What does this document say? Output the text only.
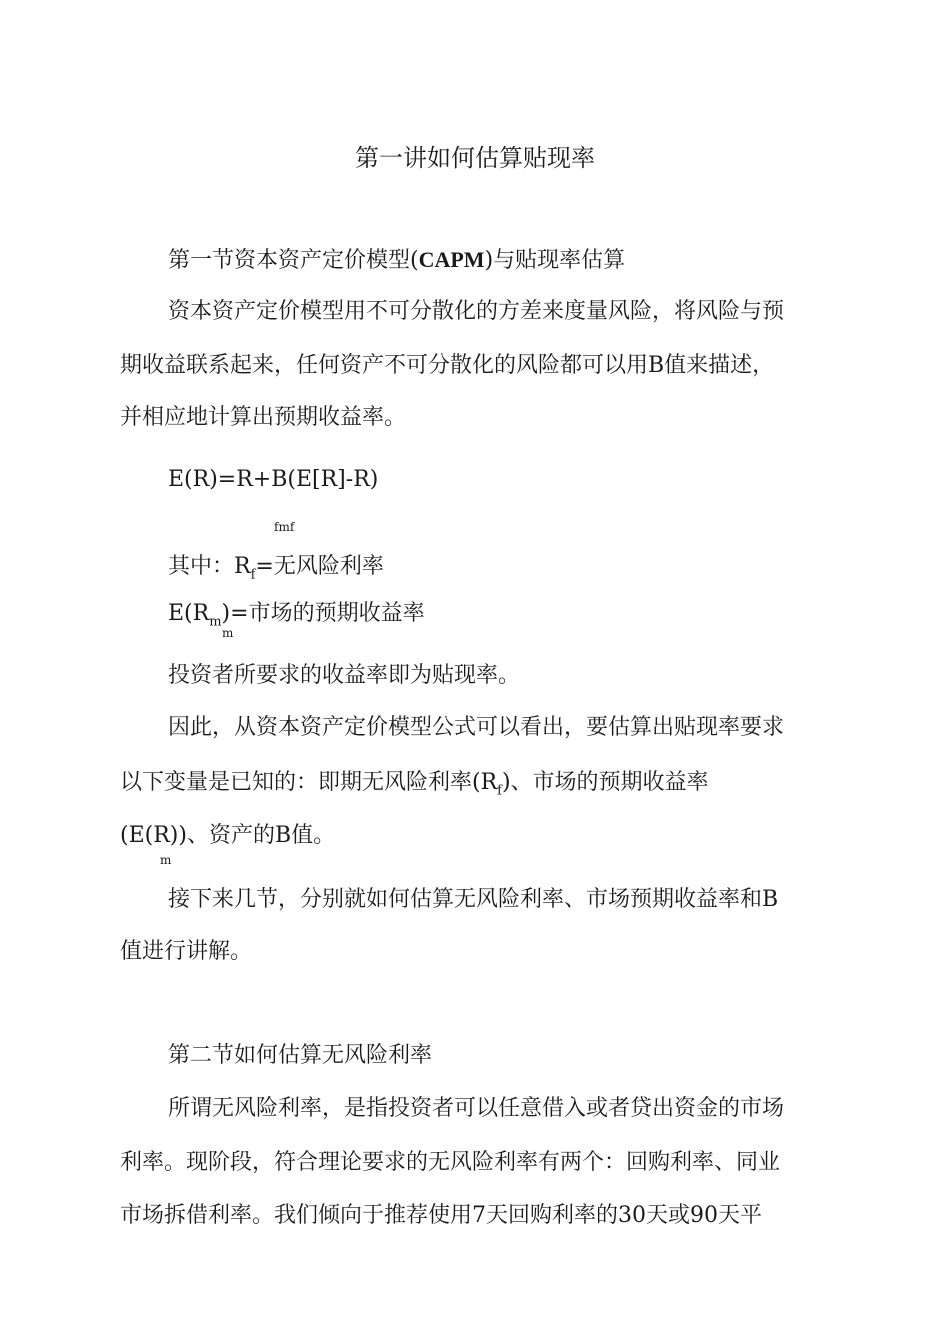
第一讲如何估算贴现率
第一节资本资产定价模型(CAPM)与贴现率估算
资本资产定价模型用不可分散化的方差来度量风险，将风险与预
期收益联系起来，任何资产不可分散化的风险都可以用Β值来描述，
并相应地计算出预期收益率。
E(R)=R+Β(E[R]-R)
fmf
其中：$R_f=$无风险利率
$E(R_m)=$市场的预期收益率
m
投资者所要求的收益率即为贴现率。
因此，从资本资产定价模型公式可以看出，要估算出贴现率要求
以下变量是已知的：即期无风险利率$(R_f)$、市场的预期收益率
(E(R))、资产的Β值。
m
接下来几节，分别就如何估算无风险利率、市场预期收益率和Β
值进行讲解。
第二节如何估算无风险利率
所谓无风险利率，是指投资者可以任意借入或者贷出资金的市场
利率。现阶段，符合理论要求的无风险利率有两个：回购利率、同业
市场拆借利率。我们倾向于推荐使用7天回购利率的30天或90天平
